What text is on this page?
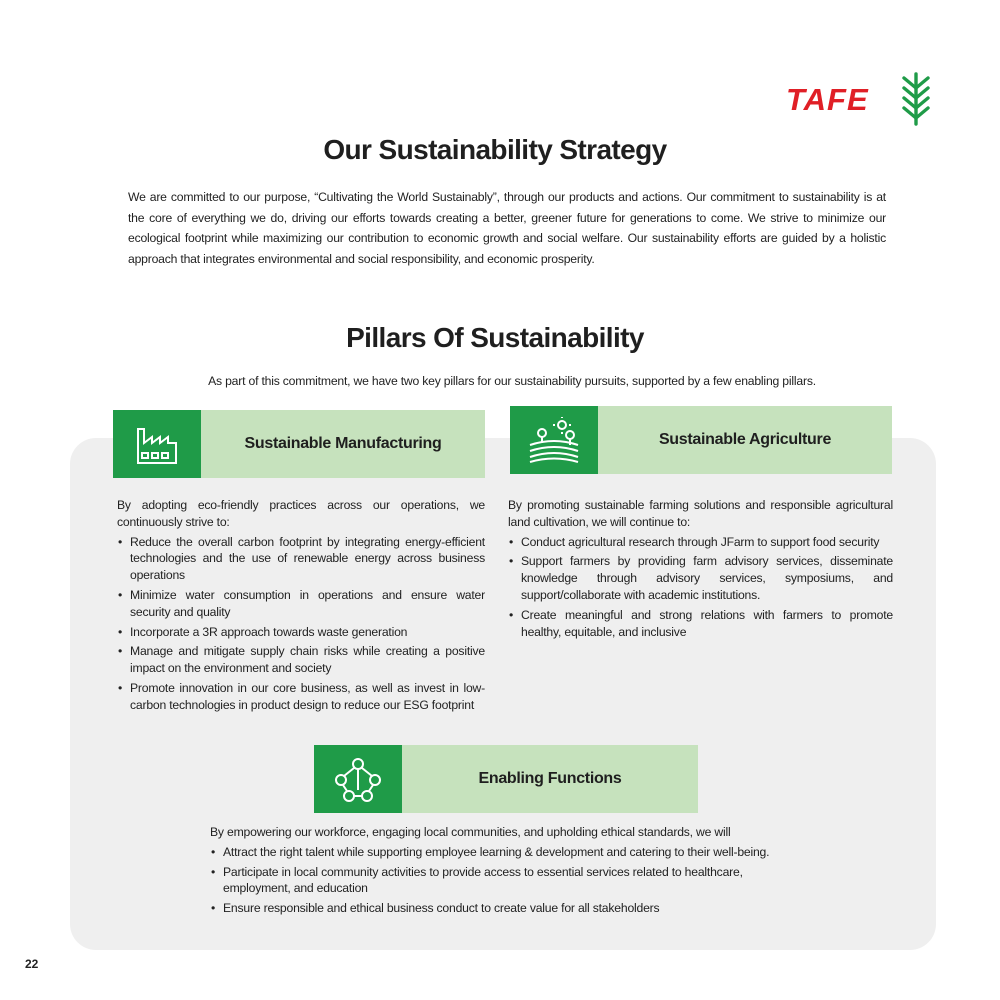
TAFE
Our Sustainability Strategy
We are committed to our purpose, “Cultivating the World Sustainably”, through our products and actions. Our commitment to sustainability is at the core of everything we do, driving our efforts towards creating a better, greener future for generations to come. We strive to minimize our ecological footprint while maximizing our contribution to economic growth and social welfare. Our sustainability efforts are guided by a holistic approach that integrates environmental and social responsibility, and economic prosperity.
Pillars Of Sustainability
As part of this commitment, we have two key pillars for our sustainability pursuits, supported by a few enabling pillars.
Sustainable Manufacturing	Sustainable Agriculture

By adopting eco-friendly practices across our operations, we continuously strive to:

• Reduce the overall carbon footprint by integrating energy-efficient technologies and the use of renewable energy across business operations
• Minimize water consumption in operations and ensure water security and quality
• Incorporate a 3R approach towards waste generation
• Manage and mitigate supply chain risks while creating a positive impact on the environment and society
• Promote innovation in our core business, as well as invest in low-carbon technologies in product design to reduce our ESG footprint

By promoting sustainable farming solutions and responsible agricultural land cultivation, we will continue to:

• Conduct agricultural research through JFarm to support food security
• Support farmers by providing farm advisory services, disseminate knowledge through advisory services, symposiums, and support/collaborate with academic institutions.
• Create meaningful and strong relations with farmers to promote healthy, equitable, and inclusive
Enabling Functions

By empowering our workforce, engaging local communities, and upholding ethical standards, we will

• Attract the right talent while supporting employee learning & development and catering to their well-being.
• Participate in local community activities to provide access to essential services related to healthcare, employment, and education
• Ensure responsible and ethical business conduct to create value for all stakeholders
22
